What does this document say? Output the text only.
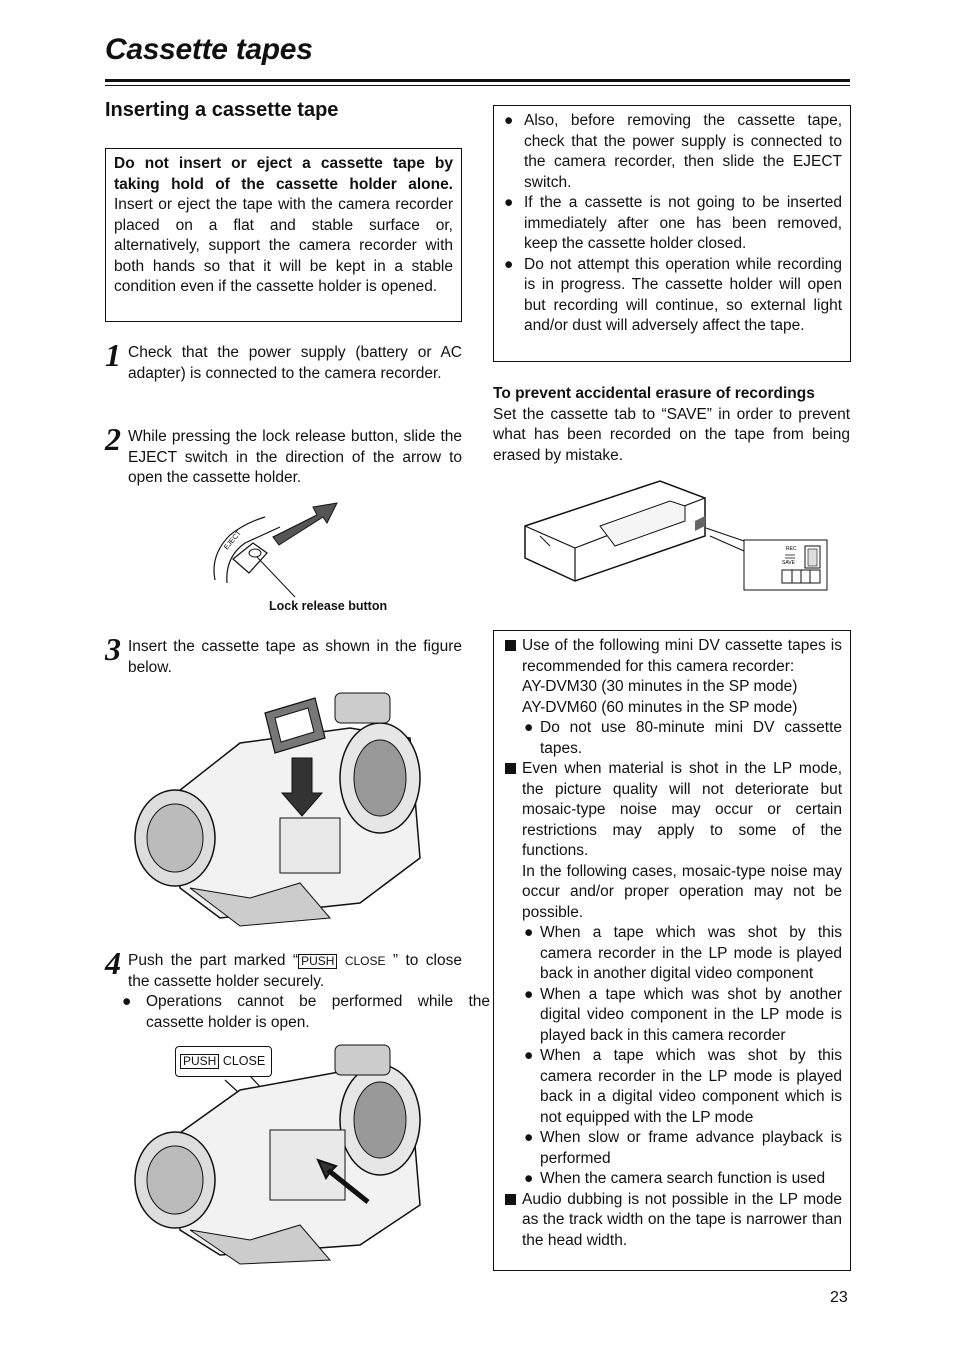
Cassette tapes
Inserting a cassette tape
Do not insert or eject a cassette tape by taking hold of the cassette holder alone. Insert or eject the tape with the camera recorder placed on a flat and stable surface or, alternatively, support the camera recorder with both hands so that it will be kept in a stable condition even if the cassette holder is opened.
1 Check that the power supply (battery or AC adapter) is connected to the camera recorder.
2 While pressing the lock release button, slide the EJECT switch in the direction of the arrow to open the cassette holder.
EJECT
Lock release button
3 Insert the cassette tape as shown in the figure below.
4 Push the part marked “ PUSH CLOSE ” to close the cassette holder securely.
● Operations cannot be performed while the cassette holder is open.
PUSH CLOSE
● Also, before removing the cassette tape, check that the power supply is connected to the camera recorder, then slide the EJECT switch.
● If the a cassette is not going to be inserted immediately after one has been removed, keep the cassette holder closed.
● Do not attempt this operation while recording is in progress. The cassette holder will open but recording will continue, so external light and/or dust will adversely affect the tape.
To prevent accidental erasure of recordings
Set the cassette tab to “SAVE” in order to prevent what has been recorded on the tape from being erased by mistake.
REC
SAVE
Use of the following mini DV cassette tapes is recommended for this camera recorder:
AY-DVM30 (30 minutes in the SP mode)
AY-DVM60 (60 minutes in the SP mode)
● Do not use 80-minute mini DV cassette tapes.
Even when material is shot in the LP mode, the picture quality will not deteriorate but mosaic-type noise may occur or certain restrictions may apply to some of the functions.
In the following cases, mosaic-type noise may occur and/or proper operation may not be possible.
● When a tape which was shot by this camera recorder in the LP mode is played back in another digital video component
● When a tape which was shot by another digital video component in the LP mode is played back in this camera recorder
● When a tape which was shot by this camera recorder in the LP mode is played back in a digital video component which is not equipped with the LP mode
● When slow or frame advance playback is performed
● When the camera search function is used
Audio dubbing is not possible in the LP mode as the track width on the tape is narrower than the head width.
23
